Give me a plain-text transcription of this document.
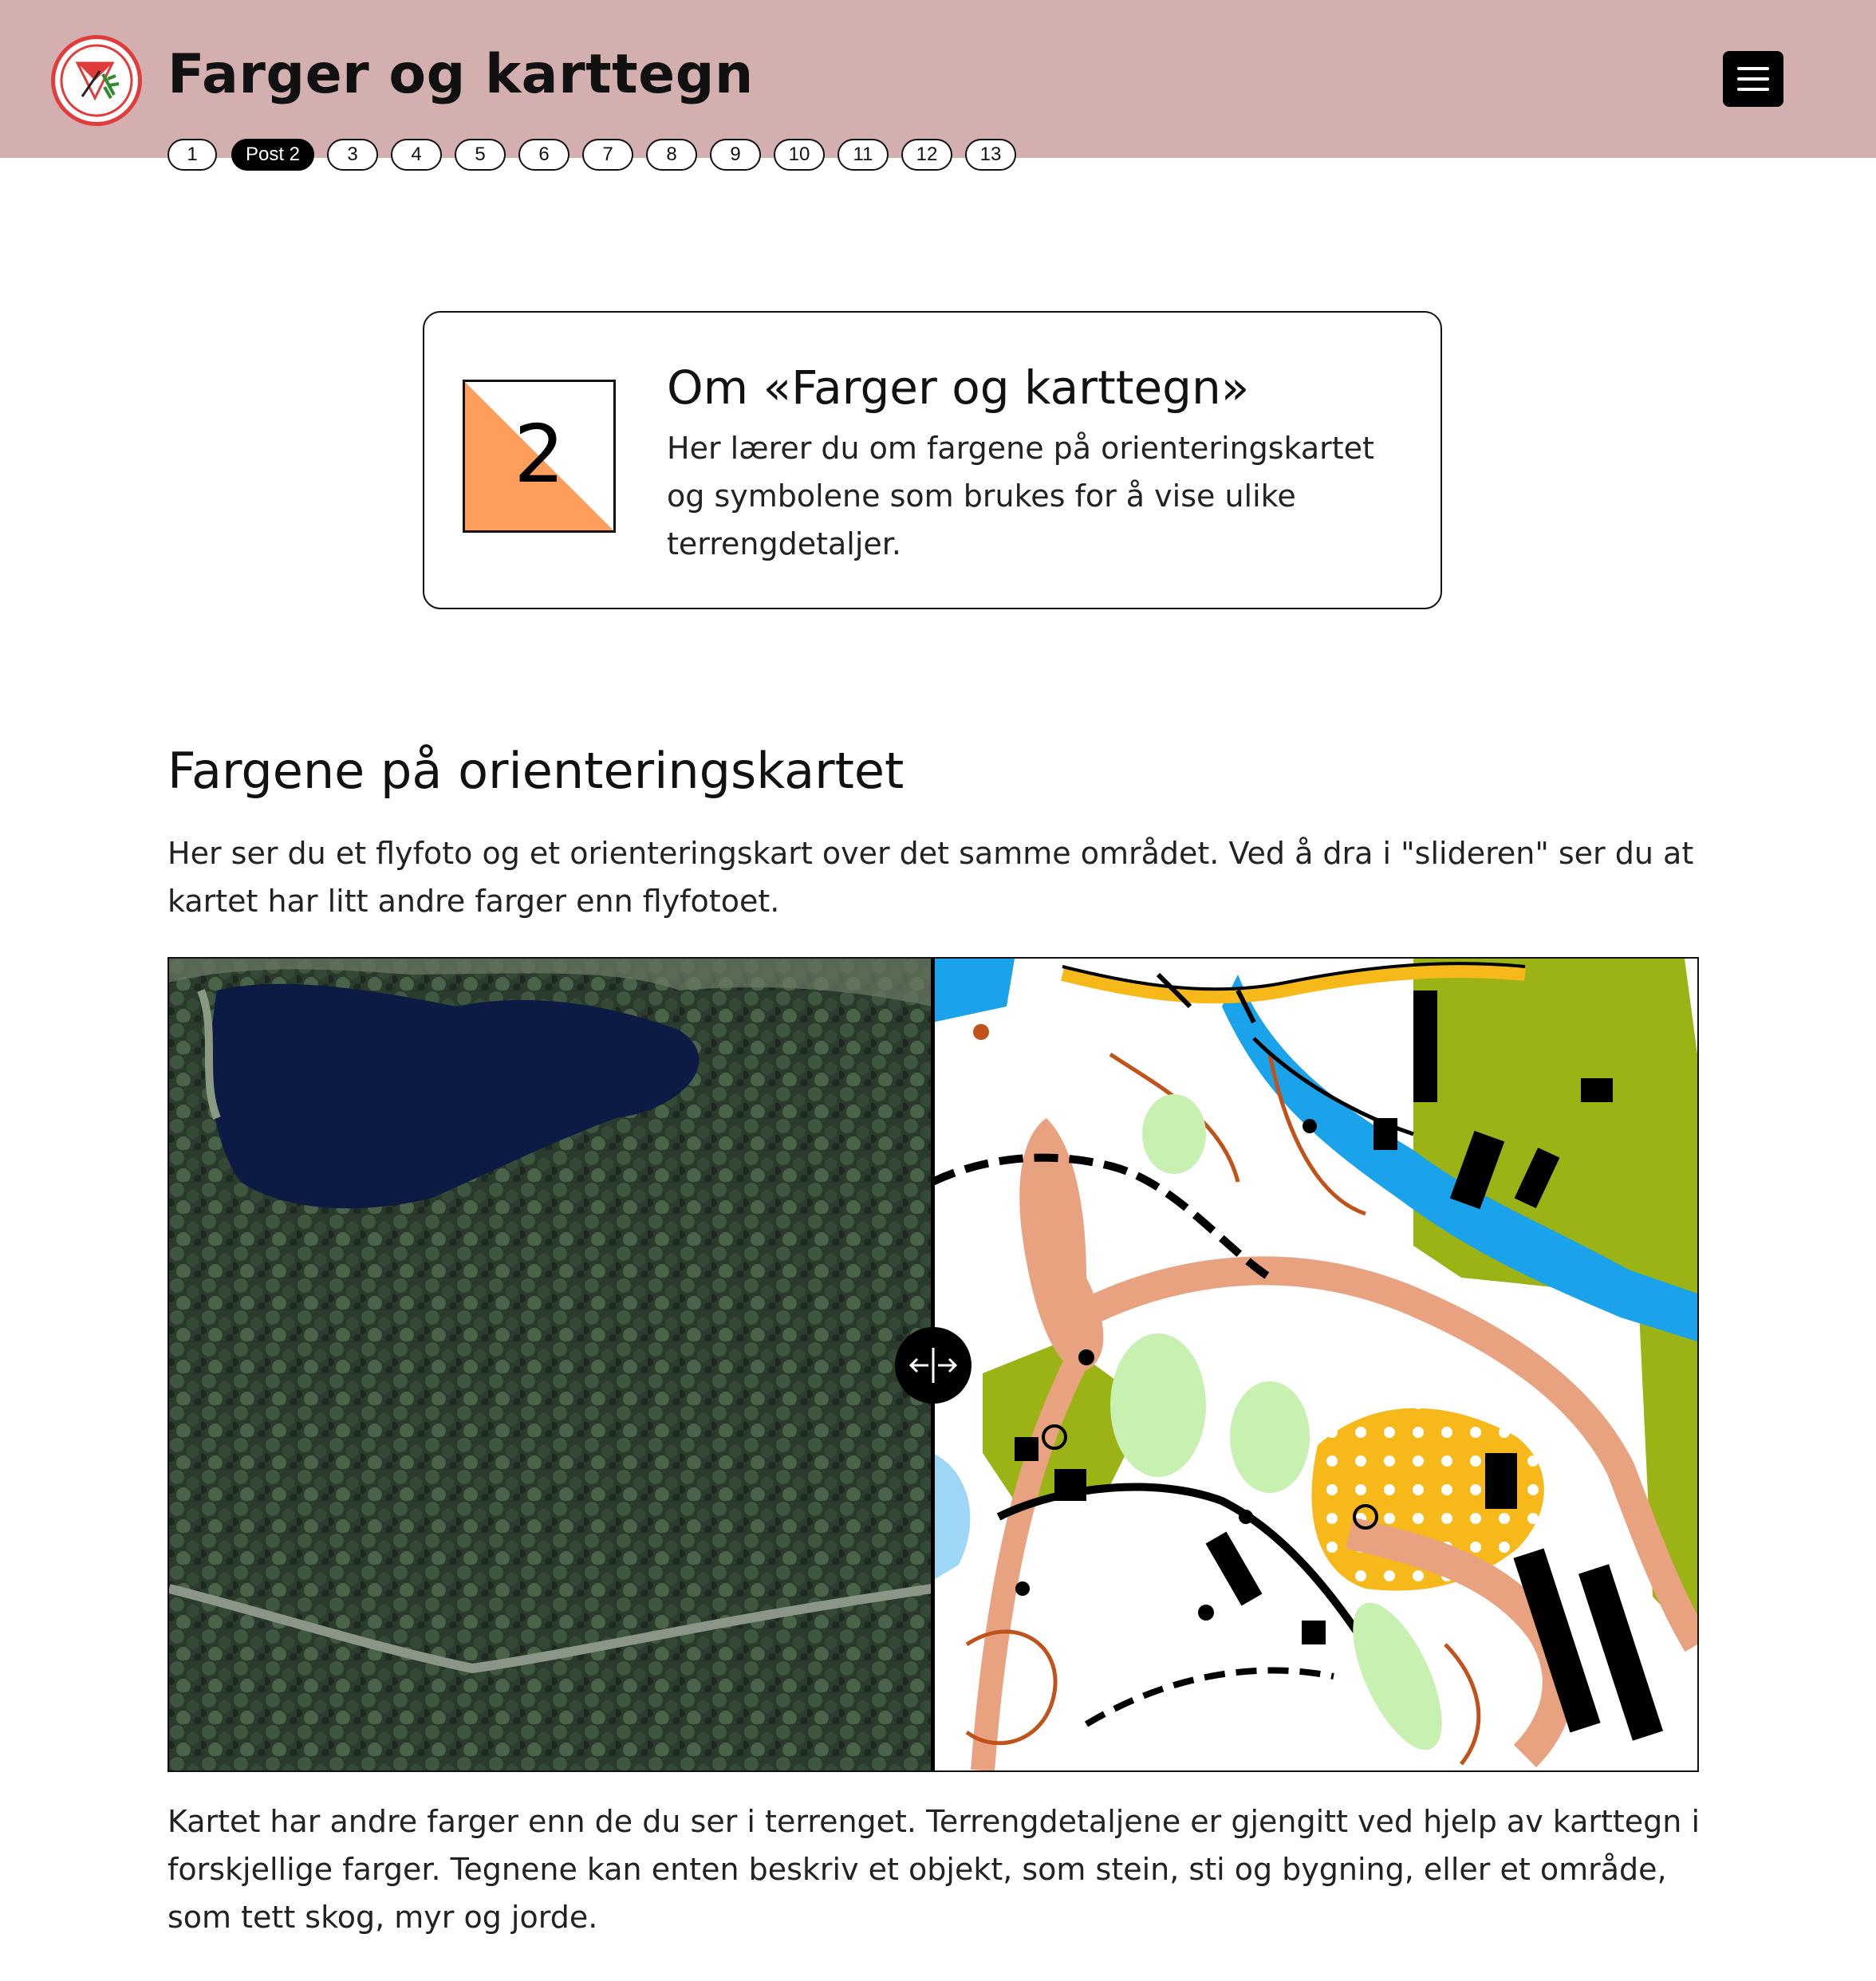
Farger og karttegn
1	Post 2	3	4	5	6	7	8	9	10	11	12	13
2
Om «Farger og karttegn»

Her lærer du om fargene på orienteringskartet og symbolene som brukes for å vise ulike terrengdetaljer.

Fargene på orienteringskartet

Her ser du et flyfoto og et orienteringskart over det samme området. Ved å dra i "slideren" ser du at kartet har litt andre farger enn flyfotoet.

Kartet har andre farger enn de du ser i terrenget. Terrengdetaljene er gjengitt ved hjelp av karttegn i forskjellige farger. Tegnene kan enten beskriv et objekt, som stein, sti og bygning, eller et område, som tett skog, myr og jorde.
